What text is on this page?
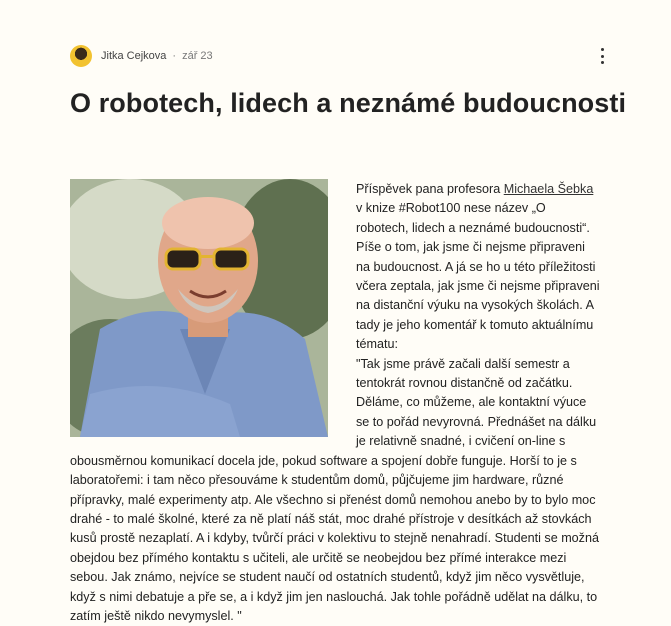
Jitka Cejkova · zář 23
O robotech, lidech a neznámé budoucnosti

Příspěvek pana profesora Michaela Šebka v knize #Robot100 nese název „O robotech, lidech a neznámé budoucnosti“. Píše o tom, jak jsme či nejsme připraveni na budoucnost. A já se ho u této příležitosti včera zeptala, jak jsme či nejsme připraveni na distanční výuku na vysokých školách. A tady je jeho komentář k tomuto aktuálnímu tématu:

"Tak jsme právě začali další semestr a tentokrát rovnou distančně od začátku. Děláme, co můžeme, ale kontaktní výuce se to pořád nevyrovná. Přednášet na dálku je relativně snadné, i cvičení on-line s obousměrnou komunikací docela jde, pokud software a spojení dobře funguje. Horší to je s laboratořemi: i tam něco přesouváme k studentům domů, půjčujeme jim hardware, různé přípravky, malé experimenty atp. Ale všechno si přenést domů nemohou anebo by to bylo moc drahé - to malé školné, které za ně platí náš stát, moc drahé přístroje v desítkách až stovkách kusů prostě nezaplatí. A i kdyby, tvůrčí práci v kolektivu to stejně nenahradí. Studenti se možná obejdou bez přímého kontaktu s učiteli, ale určitě se neobejdou bez přímé interakce mezi sebou. Jak známo, nejvíce se student naučí od ostatních studentů, když jim něco vysvětluje, když s nimi debatuje a pře se, a i když jim jen naslouchá. Jak tohle pořádně udělat na dálku, to zatím ještě nikdo nevymyslel. "
